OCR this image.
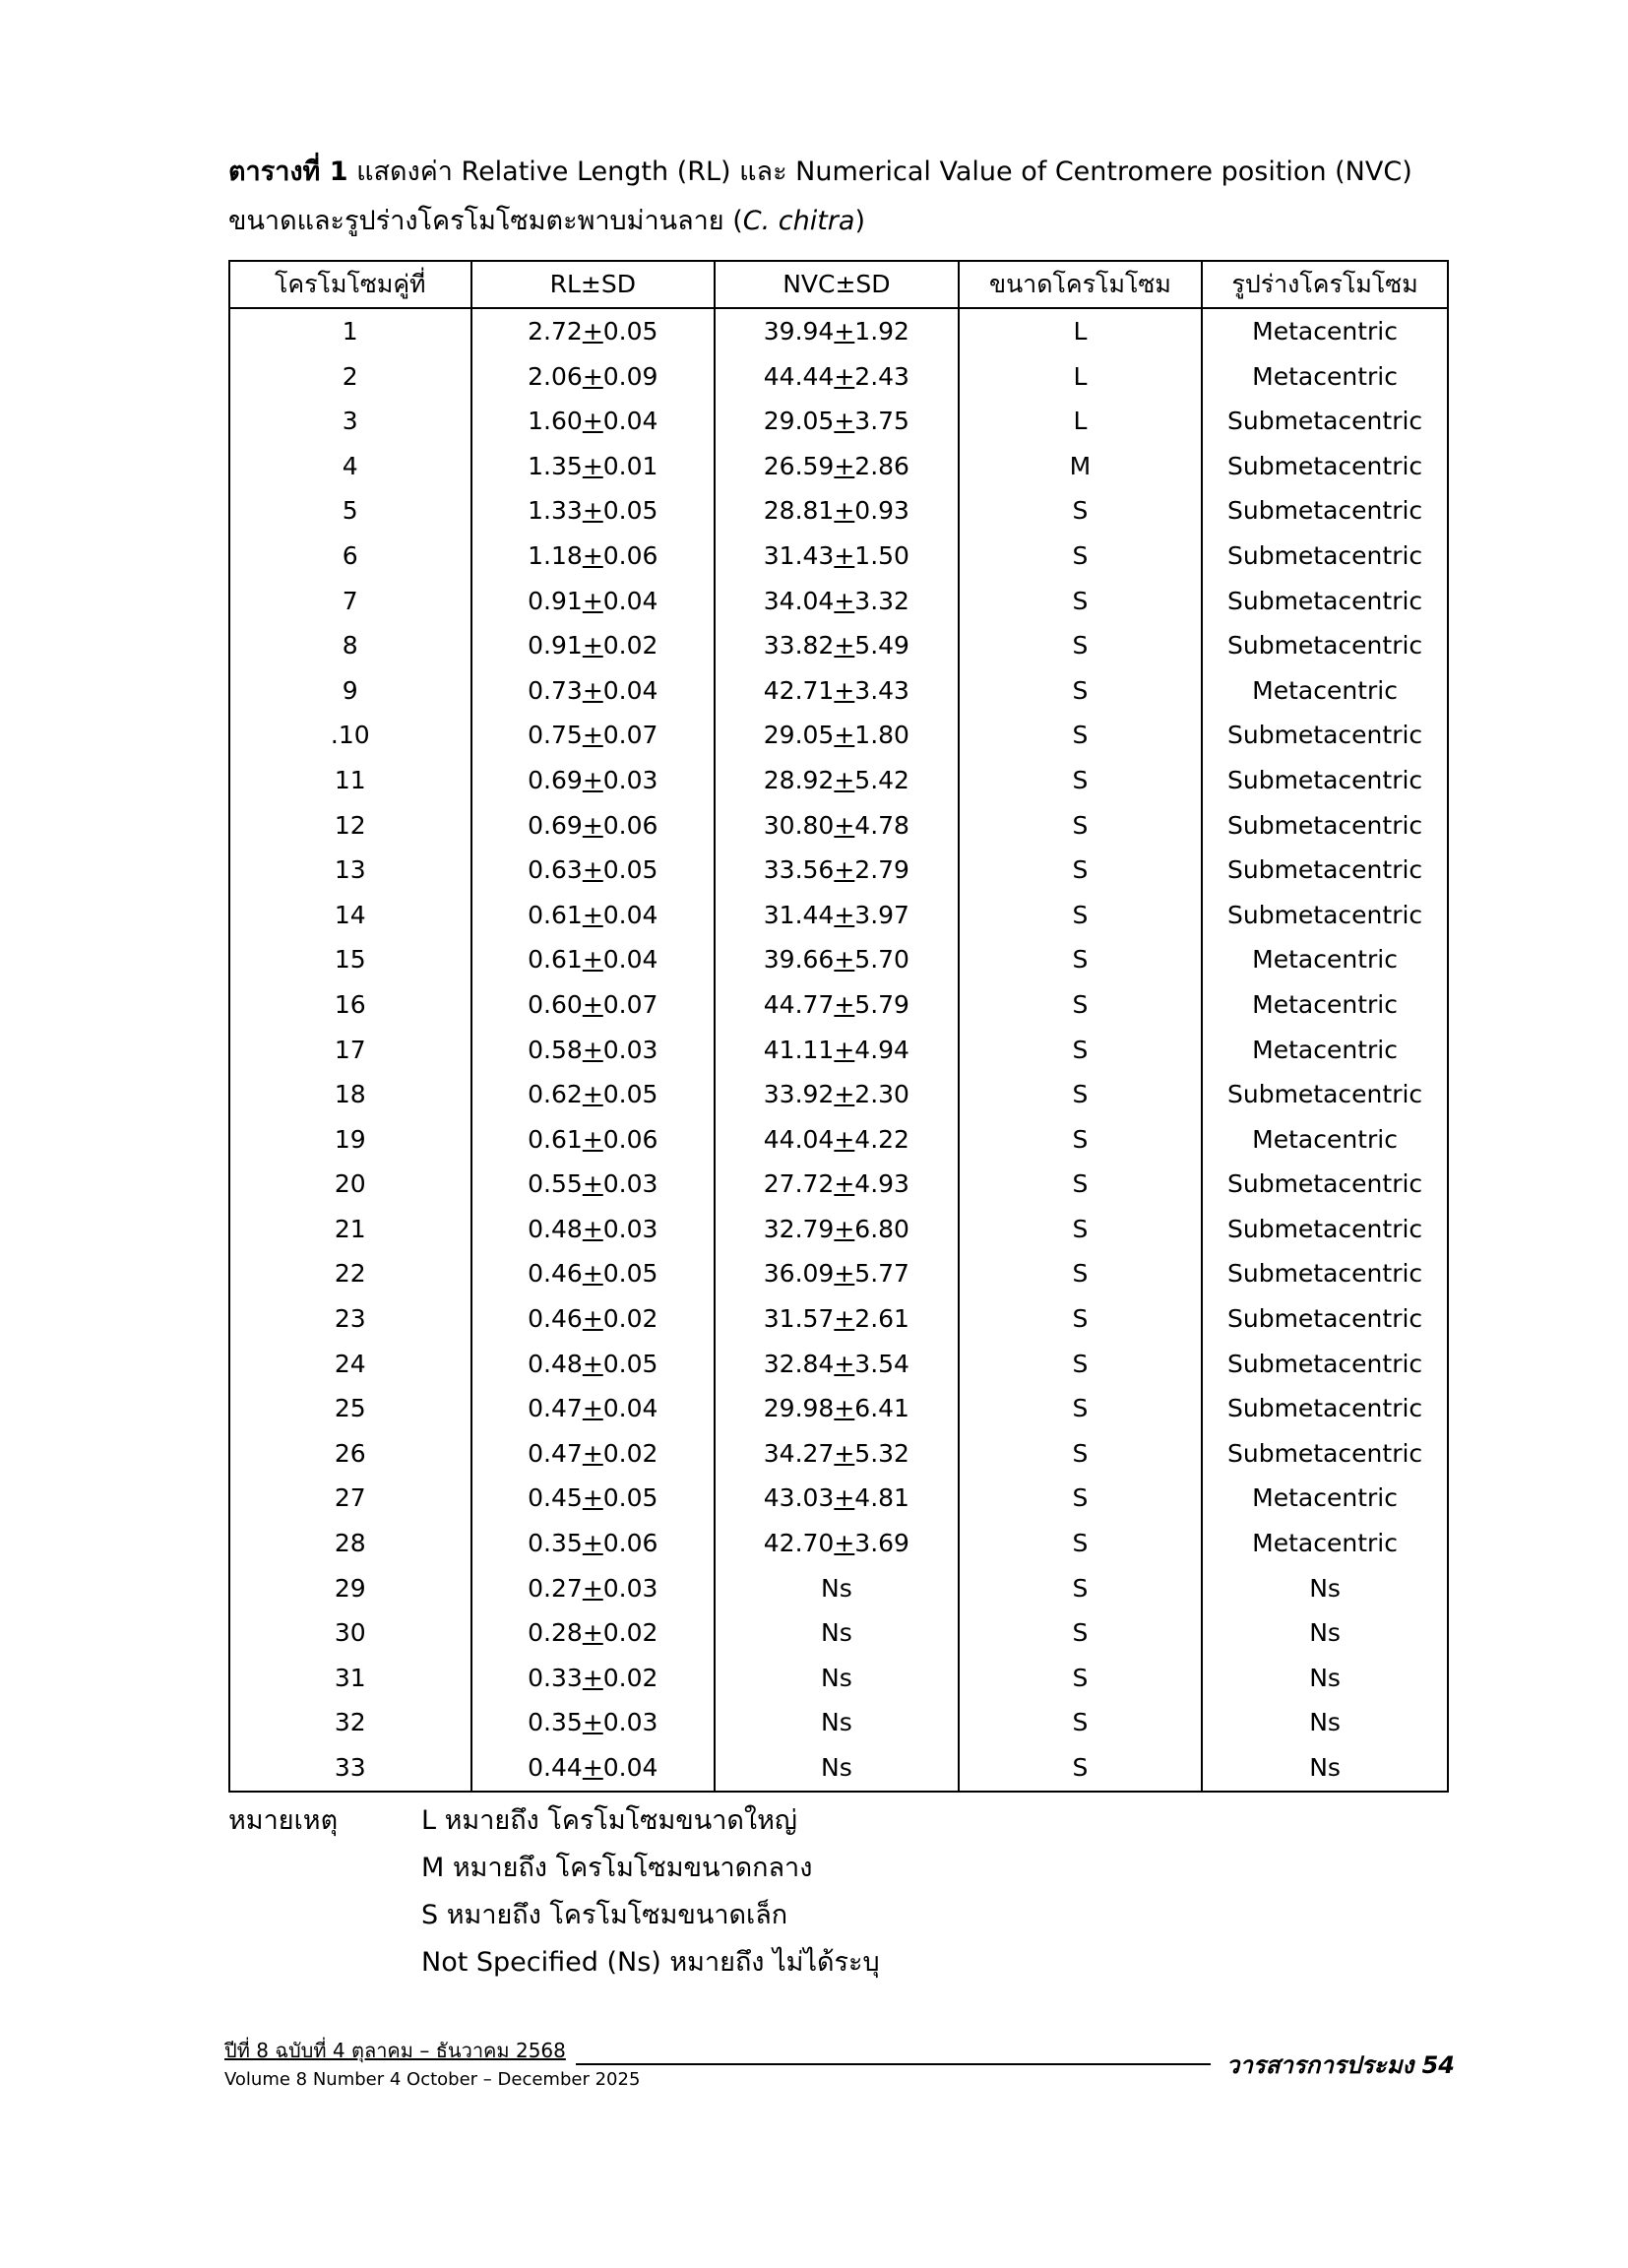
ตารางที่ 1 แสดงค่า Relative Length (RL) และ Numerical Value of Centromere position (NVC) ขนาดและรูปร่างโครโมโซมตะพาบม่านลาย (C. chitra)
โครโมโซมคู่ที่	RL±SD	NVC±SD	ขนาดโครโมโซม	รูปร่างโครโมโซม
1	2.72+0.05	39.94+1.92	L	Metacentric
2	2.06+0.09	44.44+2.43	L	Metacentric
3	1.60+0.04	29.05+3.75	L	Submetacentric
4	1.35+0.01	26.59+2.86	M	Submetacentric
5	1.33+0.05	28.81+0.93	S	Submetacentric
6	1.18+0.06	31.43+1.50	S	Submetacentric
7	0.91+0.04	34.04+3.32	S	Submetacentric
8	0.91+0.02	33.82+5.49	S	Submetacentric
9	0.73+0.04	42.71+3.43	S	Metacentric
.10	0.75+0.07	29.05+1.80	S	Submetacentric
11	0.69+0.03	28.92+5.42	S	Submetacentric
12	0.69+0.06	30.80+4.78	S	Submetacentric
13	0.63+0.05	33.56+2.79	S	Submetacentric
14	0.61+0.04	31.44+3.97	S	Submetacentric
15	0.61+0.04	39.66+5.70	S	Metacentric
16	0.60+0.07	44.77+5.79	S	Metacentric
17	0.58+0.03	41.11+4.94	S	Metacentric
18	0.62+0.05	33.92+2.30	S	Submetacentric
19	0.61+0.06	44.04+4.22	S	Metacentric
20	0.55+0.03	27.72+4.93	S	Submetacentric
21	0.48+0.03	32.79+6.80	S	Submetacentric
22	0.46+0.05	36.09+5.77	S	Submetacentric
23	0.46+0.02	31.57+2.61	S	Submetacentric
24	0.48+0.05	32.84+3.54	S	Submetacentric
25	0.47+0.04	29.98+6.41	S	Submetacentric
26	0.47+0.02	34.27+5.32	S	Submetacentric
27	0.45+0.05	43.03+4.81	S	Metacentric
28	0.35+0.06	42.70+3.69	S	Metacentric
29	0.27+0.03	Ns	S	Ns
30	0.28+0.02	Ns	S	Ns
31	0.33+0.02	Ns	S	Ns
32	0.35+0.03	Ns	S	Ns
33	0.44+0.04	Ns	S	Ns
หมายเหตุ	L หมายถึง โครโมโซมขนาดใหญ่
M หมายถึง โครโมโซมขนาดกลาง
S หมายถึง โครโมโซมขนาดเล็ก
Not Specified (Ns) หมายถึง ไม่ได้ระบุ
ปีที่ 8 ฉบับที่ 4 ตุลาคม – ธันวาคม 2568
Volume 8 Number 4 October – December 2025
วารสารการประมง 54
